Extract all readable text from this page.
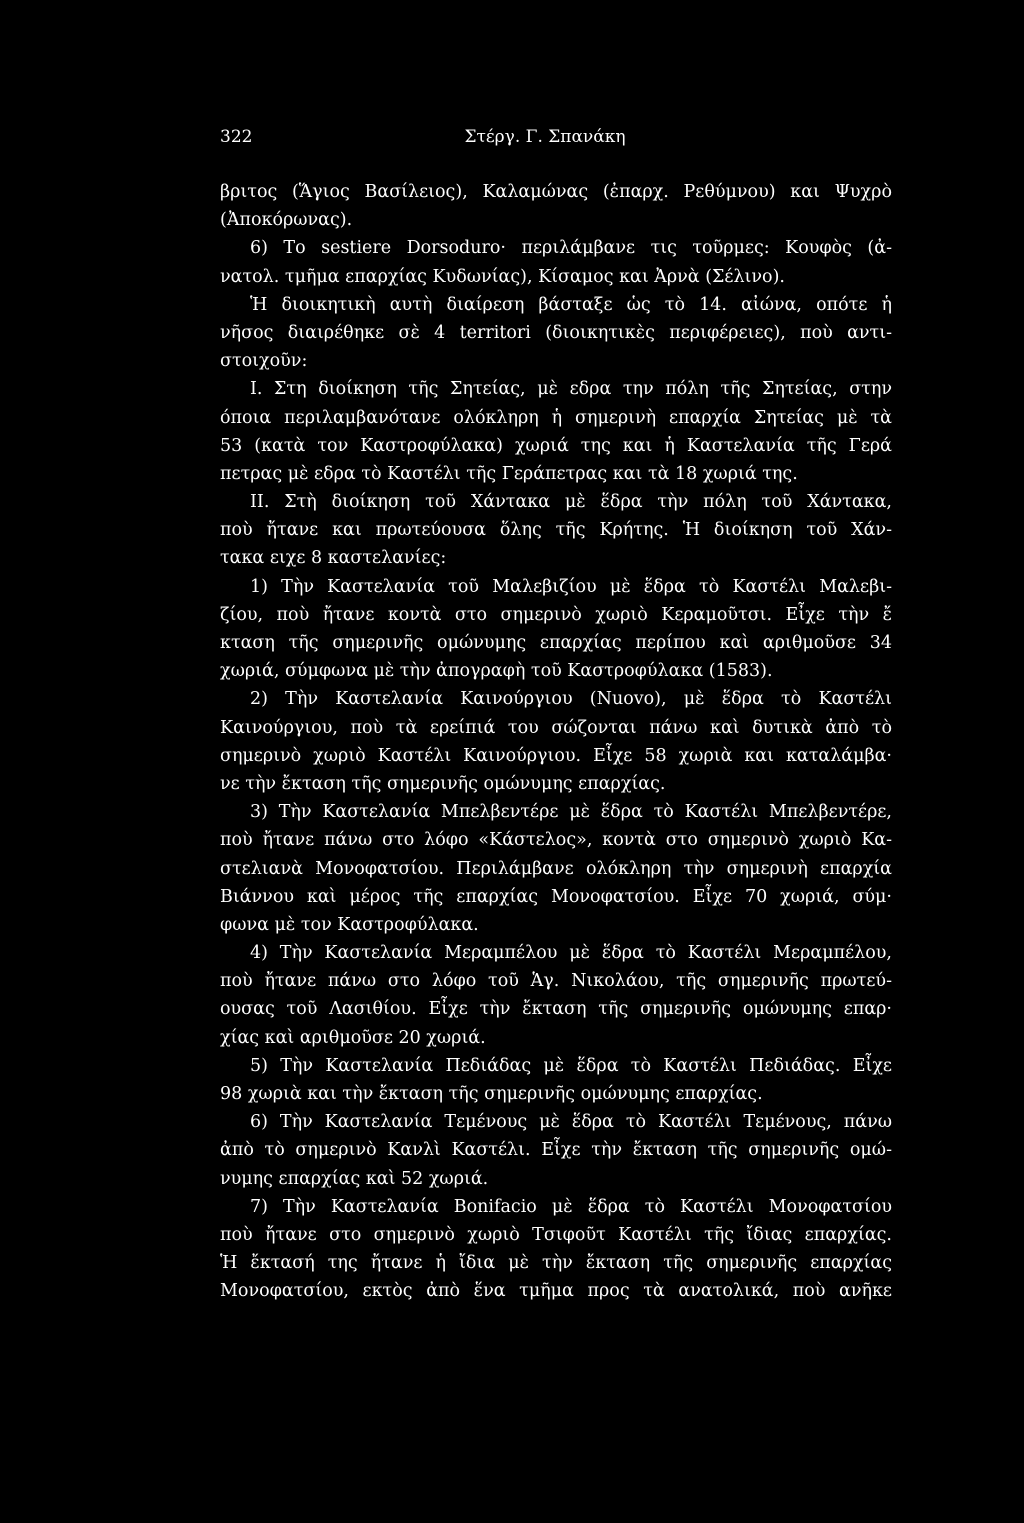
322	Στέργ. Γ. Σπανάκη
βριτος (Ἅγιος Βασίλειος), Καλαμώνας (ἐπαρχ. Ρεθύμνου) και Ψυχρὸ
(Ἀποκόρωνας).
6) Το sestiere Dorsoduro· περιλάμβανε τις τοῦρμες: Κουφὸς (ἀ-
νατολ. τμῆμα επαρχίας Κυδωνίας), Κίσαμος και Ἀρνὰ (Σέλινο).
Ἡ διοικητικὴ αυτὴ διαίρεση βάσταξε ὡς τὸ 14. αἰώνα, οπότε ἡ
νῆσος διαιρέθηκε σὲ 4 territori (διοικητικὲς περιφέρειες), ποὺ αντι-
στοιχοῦν:
Ι. Στη διοίκηση τῆς Σητείας, μὲ εδρα την πόλη τῆς Σητείας, στην
όποια περιλαμβανότανε ολόκληρη ἡ σημερινὴ επαρχία Σητείας μὲ τὰ
53 (κατὰ τον Καστροφύλακα) χωριά της και ἡ Καστελανία τῆς Γερά
πετρας μὲ εδρα τὸ Καστέλι τῆς Γεράπετρας και τὰ 18 χωριά της.
ΙΙ. Στὴ διοίκηση τοῦ Χάντακα μὲ ἕδρα τὴν πόλη τοῦ Χάντακα,
ποὺ ἤτανε και πρωτεύουσα ὅλης τῆς Κρήτης. Ἡ διοίκηση τοῦ Χάν-
τακα ειχε 8 καστελανίες:
1) Τὴν Καστελανία τοῦ Μαλεβιζίου μὲ ἕδρα τὸ Καστέλι Μαλεβι-
ζίου, ποὺ ἤτανε κοντὰ στο σημερινὸ χωριὸ Κεραμοῦτσι. Εἶχε τὴν ἔ
κταση τῆς σημερινῆς ομώνυμης επαρχίας περίπου καὶ αριθμοῦσε 34
χωριά, σύμφωνα μὲ τὴν ἀπογραφὴ τοῦ Καστροφύλακα (1583).
2) Τὴν Καστελανία Καινούργιου (Nuovo), μὲ ἕδρα τὸ Καστέλι
Καινούργιου, ποὺ τὰ ερείπιά του σώζονται πάνω καὶ δυτικὰ ἀπὸ τὸ
σημερινὸ χωριὸ Καστέλι Καινούργιου. Εἶχε 58 χωριὰ και καταλάμβα·
νε τὴν ἔκταση τῆς σημερινῆς ομώνυμης επαρχίας.
3) Τὴν Καστελανία Μπελβεντέρε μὲ ἕδρα τὸ Καστέλι Μπελβεντέρε,
ποὺ ἤτανε πάνω στο λόφο «Κάστελος», κοντὰ στο σημερινὸ χωριὸ Κα-
στελιανὰ Μονοφατσίου. Περιλάμβανε ολόκληρη τὴν σημερινὴ επαρχία
Βιάννου καὶ μέρος τῆς επαρχίας Μονοφατσίου. Εἶχε 70 χωριά, σύμ·
φωνα μὲ τον Καστροφύλακα.
4) Τὴν Καστελανία Μεραμπέλου μὲ ἕδρα τὸ Καστέλι Μεραμπέλου,
ποὺ ἤτανε πάνω στο λόφο τοῦ Ἁγ. Νικολάου, τῆς σημερινῆς πρωτεύ-
ουσας τοῦ Λασιθίου. Εἶχε τὴν ἔκταση τῆς σημερινῆς ομώνυμης επαρ·
χίας καὶ αριθμοῦσε 20 χωριά.
5) Τὴν Καστελανία Πεδιάδας μὲ ἕδρα τὸ Καστέλι Πεδιάδας. Εἶχε
98 χωριὰ και τὴν ἔκταση τῆς σημερινῆς ομώνυμης επαρχίας.
6) Τὴν Καστελανία Τεμένους μὲ ἕδρα τὸ Καστέλι Τεμένους, πάνω
ἀπὸ τὸ σημερινὸ Κανλὶ Καστέλι. Εἶχε τὴν ἔκταση τῆς σημερινῆς ομώ-
νυμης επαρχίας καὶ 52 χωριά.
7) Τὴν Καστελανία Bonifacio μὲ ἕδρα τὸ Καστέλι Μονοφατσίου
ποὺ ἤτανε στο σημερινὸ χωριὸ Τσιφοῦτ Καστέλι τῆς ἴδιας επαρχίας.
Ἡ ἔκτασή της ἤτανε ἡ ἴδια μὲ τὴν ἔκταση τῆς σημερινῆς επαρχίας
Μονοφατσίου, εκτὸς ἀπὸ ἕνα τμῆμα προς τὰ ανατολικά, ποὺ ανῆκε
